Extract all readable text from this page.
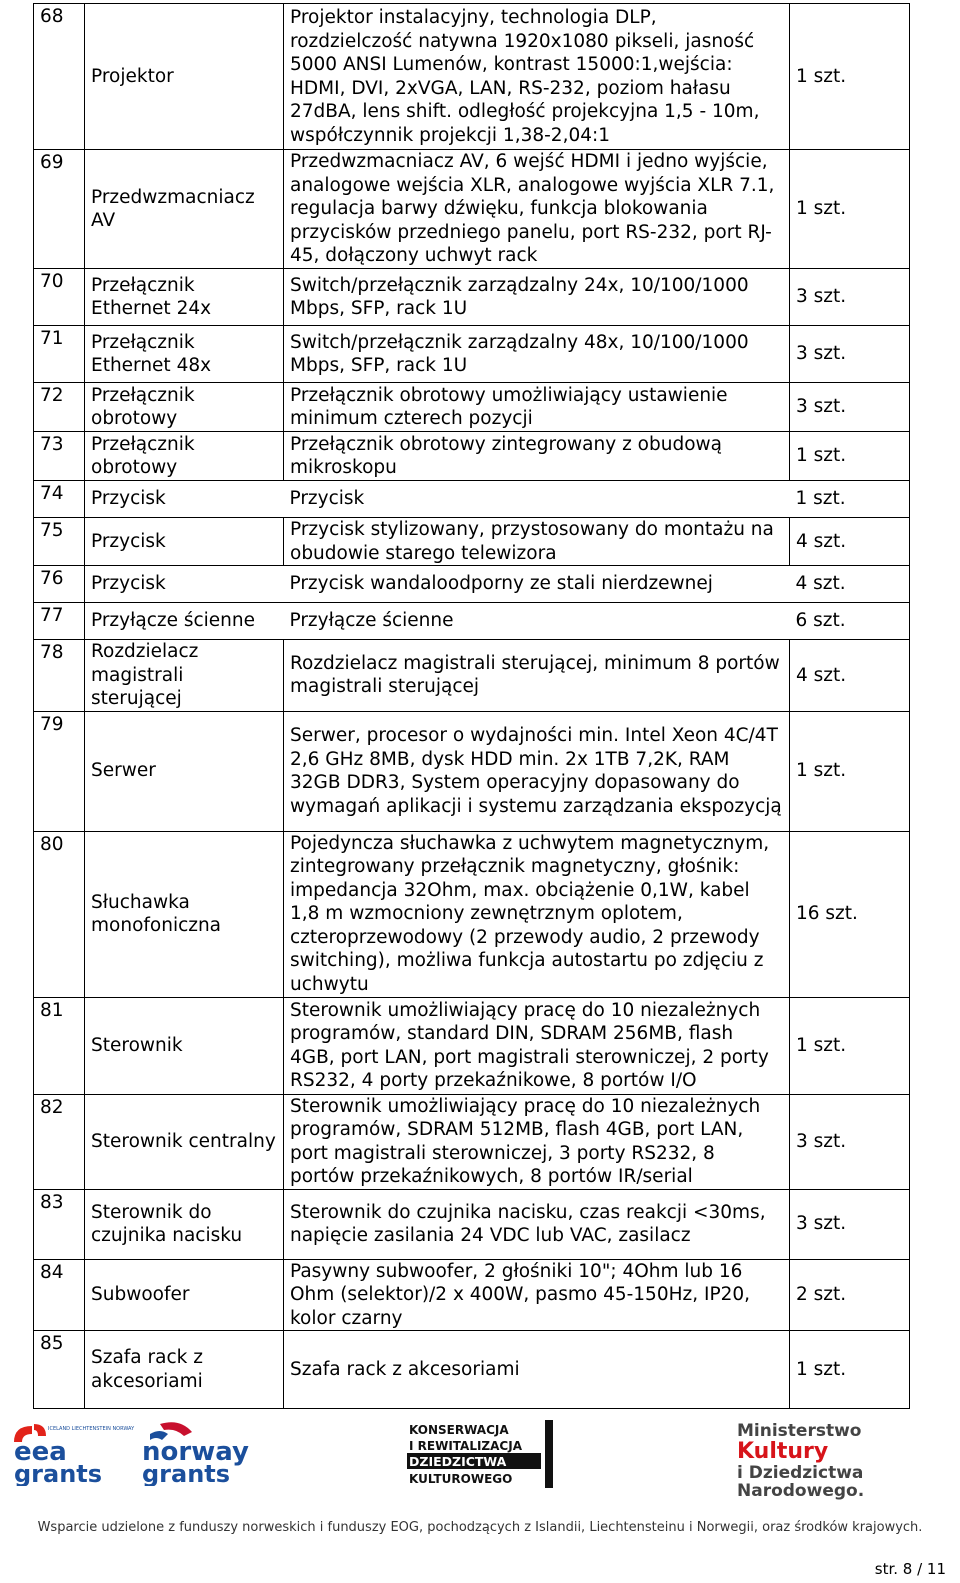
68	Projektor	Projektor instalacyjny, technologia DLP, rozdzielczość natywna 1920x1080 pikseli, jasność 5000 ANSI Lumenów, kontrast 15000:1,wejścia: HDMI, DVI, 2xVGA, LAN, RS-232, poziom hałasu 27dBA, lens shift. odległość projekcyjna 1,5 - 10m, współczynnik projekcji 1,38-2,04:1	1 szt.
69	Przedwzmacniacz AV	Przedwzmacniacz AV, 6 wejść HDMI i jedno wyjście, analogowe wejścia XLR, analogowe wyjścia XLR 7.1, regulacja barwy dźwięku, funkcja blokowania przycisków przedniego panelu, port RS-232, port RJ-45, dołączony uchwyt rack	1 szt.
70	Przełącznik Ethernet 24x	Switch/przełącznik zarządzalny 24x, 10/100/1000 Mbps, SFP, rack 1U	3 szt.
71	Przełącznik Ethernet 48x	Switch/przełącznik zarządzalny 48x, 10/100/1000 Mbps, SFP, rack 1U	3 szt.
72	Przełącznik obrotowy	Przełącznik obrotowy umożliwiający ustawienie minimum czterech pozycji	3 szt.
73	Przełącznik obrotowy	Przełącznik obrotowy zintegrowany z obudową mikroskopu	1 szt.
74	Przycisk	Przycisk	1 szt.
75	Przycisk	Przycisk stylizowany, przystosowany do montażu na obudowie starego telewizora	4 szt.
76	Przycisk	Przycisk wandaloodporny ze stali nierdzewnej	4 szt.
77	Przyłącze ścienne	Przyłącze ścienne	6 szt.
78	Rozdzielacz magistrali sterującej	Rozdzielacz magistrali sterującej, minimum 8 portów magistrali sterującej	4 szt.
79	Serwer	Serwer, procesor o wydajności min. Intel Xeon 4C/4T 2,6 GHz 8MB, dysk HDD min. 2x 1TB 7,2K, RAM 32GB DDR3, System operacyjny dopasowany do wymagań aplikacji i systemu zarządzania ekspozycją	1 szt.
80	Słuchawka monofoniczna	Pojedyncza słuchawka z uchwytem magnetycznym, zintegrowany przełącznik magnetyczny, głośnik: impedancja 32Ohm, max. obciążenie 0,1W, kabel 1,8 m wzmocniony zewnętrznym oplotem, czteroprzewodowy (2 przewody audio, 2 przewody switching), możliwa funkcja autostartu po zdjęciu z uchwytu	16 szt.
81	Sterownik	Sterownik umożliwiający pracę do 10 niezależnych programów, standard DIN, SDRAM 256MB, flash 4GB, port LAN, port magistrali sterowniczej, 2 porty RS232, 4 porty przekaźnikowe, 8 portów I/O	1 szt.
82	Sterownik centralny	Sterownik umożliwiający pracę do 10 niezależnych programów, SDRAM 512MB, flash 4GB, port LAN, port magistrali sterowniczej, 3 porty RS232, 8 portów przekaźnikowych, 8 portów IR/serial	3 szt.
83	Sterownik do czujnika nacisku	Sterownik do czujnika nacisku, czas reakcji <30ms, napięcie zasilania 24 VDC lub VAC, zasilacz	3 szt.
84	Subwoofer	Pasywny subwoofer, 2 głośniki 10"; 4Ohm lub 16 Ohm (selektor)/2 x 400W, pasmo 45-150Hz, IP20, kolor czarny	2 szt.
85	Szafa rack z akcesoriami	Szafa rack z akcesoriami	1 szt.
ICELAND LIECHTENSTEIN NORWAY
eea
grants
norway
grants
KONSERWACJA
I REWITALIZACJA
DZIEDZICTWA
KULTUROWEGO
Ministerstwo
Kultury
i Dziedzictwa
Narodowego.
Wsparcie udzielone z funduszy norweskich i funduszy EOG, pochodzących z Islandii, Liechtensteinu i Norwegii, oraz środków krajowych.
str. 8 / 11
